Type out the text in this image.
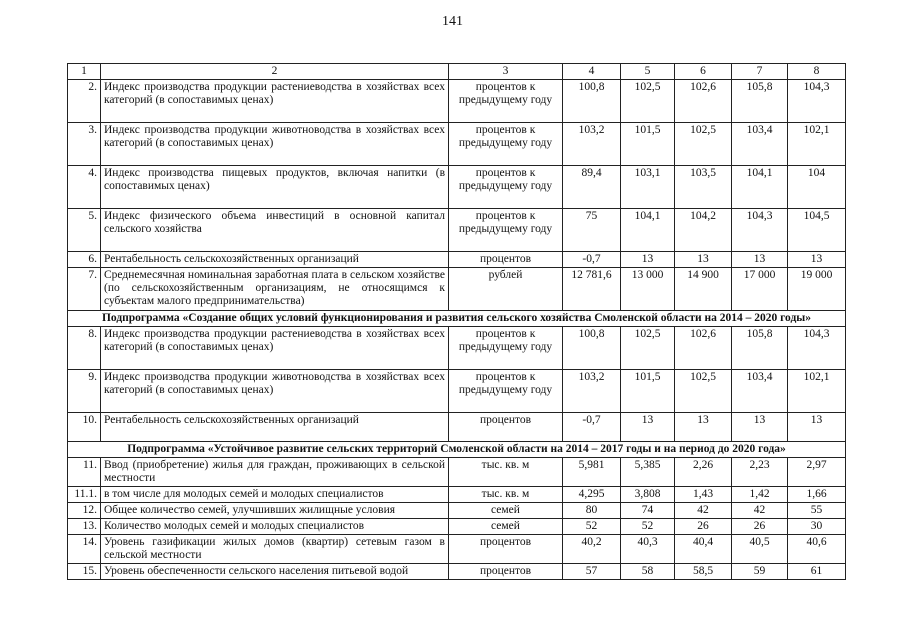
141
1	2	3	4	5	6	7	8
2.	Индекс производства продукции растениеводства в хозяйствах всех категорий (в сопоставимых ценах)	процентов к предыдущему году	100,8	102,5	102,6	105,8	104,3
3.	Индекс производства продукции животноводства в хозяйствах всех категорий (в сопоставимых ценах)	процентов к предыдущему году	103,2	101,5	102,5	103,4	102,1
4.	Индекс производства пищевых продуктов, включая напитки (в сопоставимых ценах)	процентов к предыдущему году	89,4	103,1	103,5	104,1	104
5.	Индекс физического объема инвестиций в основной капитал сельского хозяйства	процентов к предыдущему году	75	104,1	104,2	104,3	104,5
6.	Рентабельность сельскохозяйственных организаций	процентов	-0,7	13	13	13	13
7.	Среднемесячная номинальная заработная плата в сельском хозяйстве (по сельскохозяйственным организациям, не относящимся к субъектам малого предпринимательства)	рублей	12 781,6	13 000	14 900	17 000	19 000
Подпрограмма «Создание общих условий функционирования и развития сельского хозяйства Смоленской области на 2014 – 2020 годы»							
8.	Индекс производства продукции растениеводства в хозяйствах всех категорий (в сопоставимых ценах)	процентов к предыдущему году	100,8	102,5	102,6	105,8	104,3
9.	Индекс производства продукции животноводства в хозяйствах всех категорий (в сопоставимых ценах)	процентов к предыдущему году	103,2	101,5	102,5	103,4	102,1
10.	Рентабельность сельскохозяйственных организаций	процентов	-0,7	13	13	13	13
Подпрограмма «Устойчивое развитие сельских территорий Смоленской области на 2014 – 2017 годы и на период до 2020 года»							
11.	Ввод (приобретение) жилья для граждан, проживающих в сельской местности	тыс. кв. м	5,981	5,385	2,26	2,23	2,97
11.1.	в том числе для молодых семей и молодых специалистов	тыс. кв. м	4,295	3,808	1,43	1,42	1,66
12.	Общее количество семей, улучшивших жилищные условия	семей	80	74	42	42	55
13.	Количество молодых семей и молодых специалистов	семей	52	52	26	26	30
14.	Уровень газификации жилых домов (квартир) сетевым газом в сельской местности	процентов	40,2	40,3	40,4	40,5	40,6
15.	Уровень обеспеченности сельского населения питьевой водой	процентов	57	58	58,5	59	61
